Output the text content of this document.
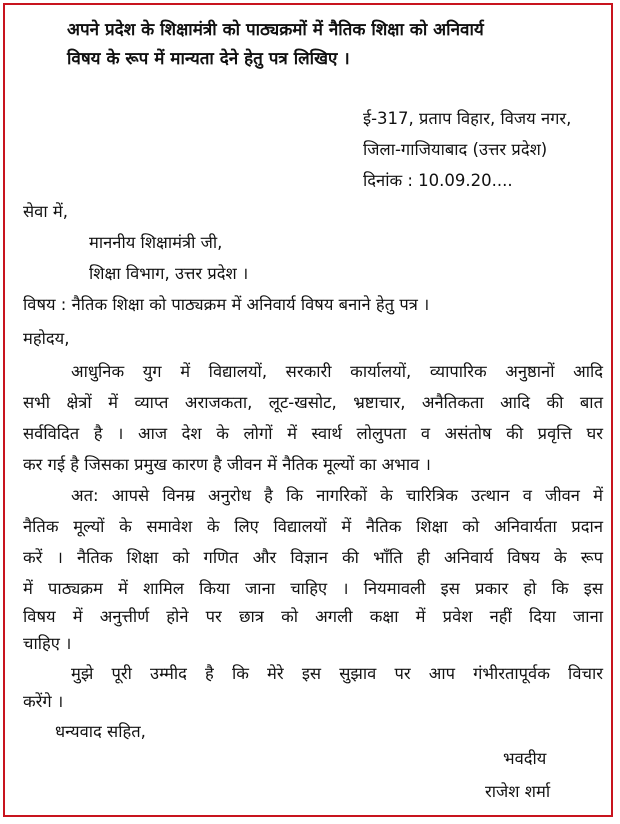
अपने प्रदेश के शिक्षामंत्री को पाठ्यक्रमों में नैतिक शिक्षा को अनिवार्य
विषय के रूप में मान्यता देने हेतु पत्र लिखिए ।
ई-317, प्रताप विहार, विजय नगर,
जिला-गाजियाबाद (उत्तर प्रदेश)
दिनांक : 10.09.20....
सेवा में,
माननीय शिक्षामंत्री जी,
शिक्षा विभाग, उत्तर प्रदेश ।
विषय : नैतिक शिक्षा को पाठ्यक्रम में अनिवार्य विषय बनाने हेतु पत्र ।
महोदय,
आधुनिक युग में विद्यालयों, सरकारी कार्यालयों, व्यापारिक अनुष्ठानों आदि
सभी क्षेत्रों में व्याप्त अराजकता, लूट-खसोट, भ्रष्टाचार, अनैतिकता आदि की बात
सर्वविदित है । आज देश के लोगों में स्वार्थ लोलुपता व असंतोष की प्रवृत्ति घर
कर गई है जिसका प्रमुख कारण है जीवन में नैतिक मूल्यों का अभाव ।
अत: आपसे विनम्र अनुरोध है कि नागरिकों के चारित्रिक उत्थान व जीवन में
नैतिक मूल्यों के समावेश के लिए विद्यालयों में नैतिक शिक्षा को अनिवार्यता प्रदान
करें । नैतिक शिक्षा को गणित और विज्ञान की भाँति ही अनिवार्य विषय के रूप
में पाठ्यक्रम में शामिल किया जाना चाहिए । नियमावली इस प्रकार हो कि इस
विषय में अनुत्तीर्ण होने पर छात्र को अगली कक्षा में प्रवेश नहीं दिया जाना
चाहिए ।
मुझे पूरी उम्मीद है कि मेरे इस सुझाव पर आप गंभीरतापूर्वक विचार
करेंगे ।
धन्यवाद सहित,
भवदीय
राजेश शर्मा
